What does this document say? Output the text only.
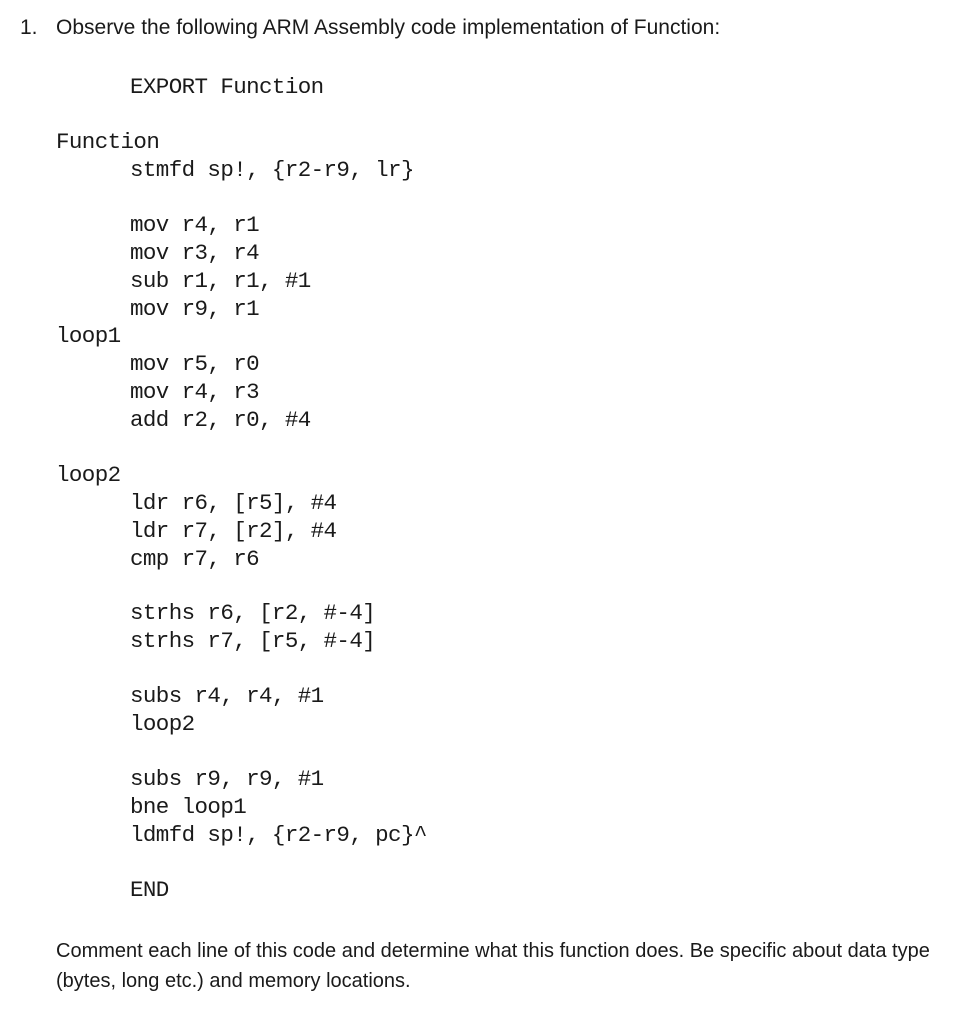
1. Observe the following ARM Assembly code implementation of Function:
EXPORT Function
Function
stmfd sp!, {r2-r9, lr}
mov r4, r1
mov r3, r4
sub r1, r1, #1
mov r9, r1
loop1
mov r5, r0
mov r4, r3
add r2, r0, #4
loop2
ldr r6, [r5], #4
ldr r7, [r2], #4
cmp r7, r6
strhs r6, [r2, #-4]
strhs r7, [r5, #-4]
subs r4, r4, #1
loop2
subs r9, r9, #1
bne loop1
ldmfd sp!, {r2-r9, pc}^
END
Comment each line of this code and determine what this function does. Be specific about data type (bytes, long etc.) and memory locations.
